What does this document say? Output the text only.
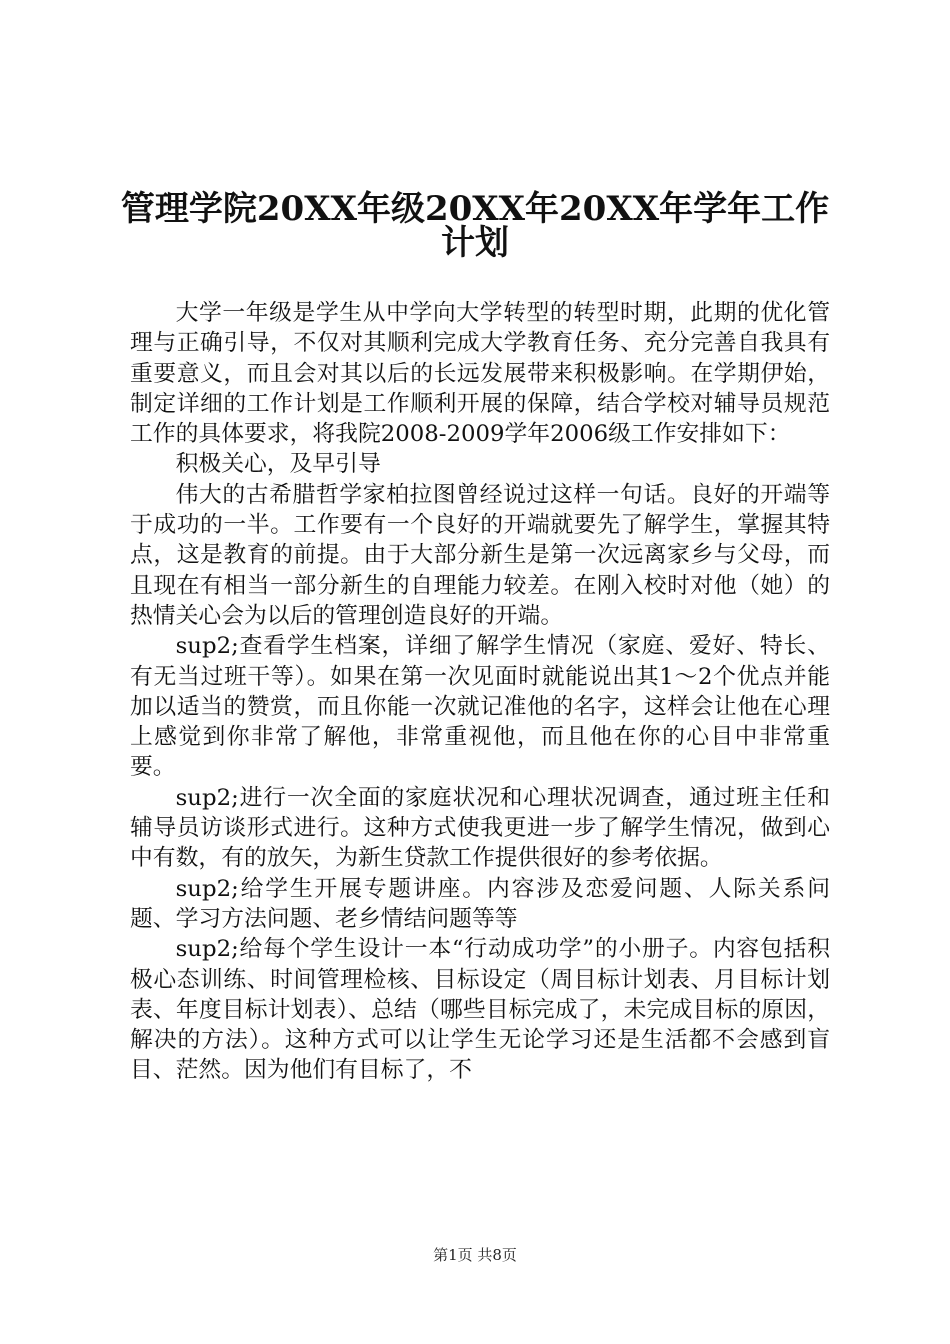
管理学院20XX年级20XX年20XX年学年工作
计划

大学一年级是学生从中学向大学转型的转型时期，此期的优化管理与正确引导，不仅对其顺利完成大学教育任务、充分完善自我具有重要意义，而且会对其以后的长远发展带来积极影响。在学期伊始，制定详细的工作计划是工作顺利开展的保障，结合学校对辅导员规范工作的具体要求，将我院2008-2009学年2006级工作安排如下：

积极关心，及早引导

伟大的古希腊哲学家柏拉图曾经说过这样一句话。良好的开端等于成功的一半。工作要有一个良好的开端就要先了解学生，掌握其特点，这是教育的前提。由于大部分新生是第一次远离家乡与父母，而且现在有相当一部分新生的自理能力较差。在刚入校时对他（她）的热情关心会为以后的管理创造良好的开端。

sup2;查看学生档案，详细了解学生情况（家庭、爱好、特长、有无当过班干等）。如果在第一次见面时就能说出其1～2个优点并能加以适当的赞赏，而且你能一次就记准他的名字，这样会让他在心理上感觉到你非常了解他，非常重视他，而且他在你的心目中非常重要。

sup2;进行一次全面的家庭状况和心理状况调查，通过班主任和辅导员访谈形式进行。这种方式使我更进一步了解学生情况，做到心中有数，有的放矢，为新生贷款工作提供很好的参考依据。

sup2;给学生开展专题讲座。内容涉及恋爱问题、人际关系问题、学习方法问题、老乡情结问题等等

sup2;给每个学生设计一本“行动成功学”的小册子。内容包括积极心态训练、时间管理检核、目标设定（周目标计划表、月目标计划表、年度目标计划表）、总结（哪些目标完成了，未完成目标的原因，解决的方法）。这种方式可以让学生无论学习还是生活都不会感到盲目、茫然。因为他们有目标了，不

第1页 共8页
